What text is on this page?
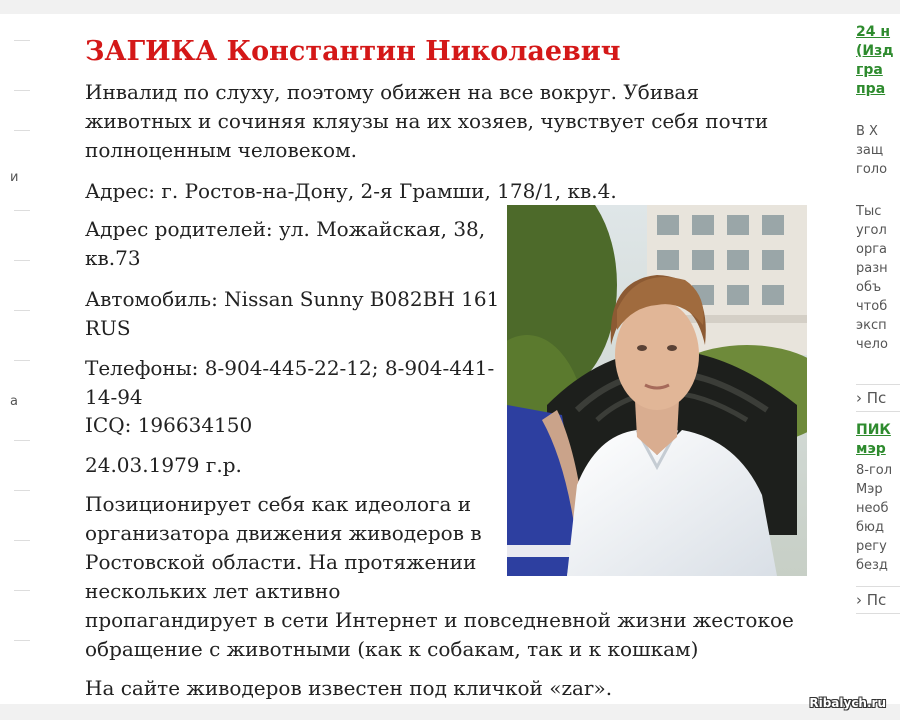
и
а
ЗАГИКА Константин Николаевич

Инвалид по слуху, поэтому обижен на все вокруг. Убивая животных и сочиняя кляузы на их хозяев, чувствует себя почти полноценным человеком.

Адрес: г. Ростов-на-Дону, 2-я Грамши, 178/1, кв.4.

Адрес родителей: ул. Можайская, 38, кв.73

Автомобиль: Nissan Sunny В082ВН 161 RUS

Телефоны: 8-904-445-22-12; 8-904-441-14-94

ICQ: 196634150

24.03.1979 г.р.

Позиционирует себя как идеолога и организатора движения живодеров в Ростовской области. На протяжении нескольких лет активно

пропагандирует в сети Интернет и повседневной жизни жестокое обращение с животными (как к собакам, так и к кошкам)

На сайте живодеров известен под кличкой «zar».

24 н
(Изд
гра
пра
В Х
защ
голо
Тыс
угол
орга
разн
объ
чтоб
эксп
чело
› Пс
ПИК
мэр
8-гол
Мэр
необ
бюд
регу
безд
› Пс
Ribalych.ru
